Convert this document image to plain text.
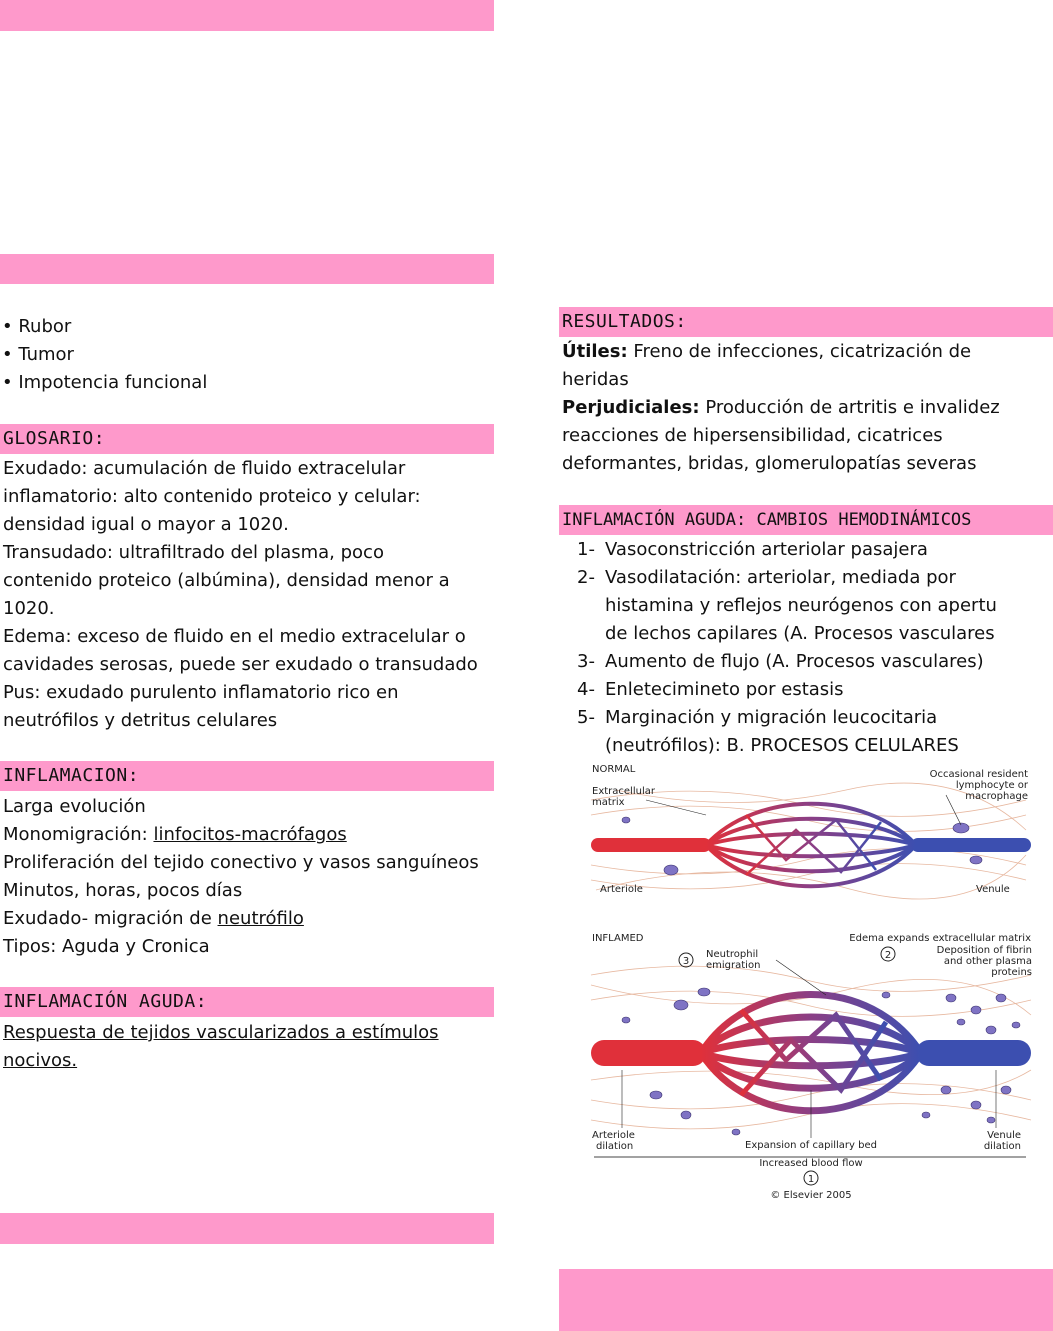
• Rubor
• Tumor
• Impotencia funcional
GLOSARIO:

Exudado: acumulación de fluido extracelular

inflamatorio: alto contenido proteico y celular:

densidad igual o mayor a 1020.

Transudado: ultrafiltrado del plasma, poco

contenido proteico (albúmina), densidad menor a

1020.

Edema: exceso de fluido en el medio extracelular o

cavidades serosas, puede ser exudado o transudado

Pus: exudado purulento inflamatorio rico en

neutrófilos y detritus celulares

INFLAMACION:

Larga evolución

Monomigración: linfocitos-macrófagos

Proliferación del tejido conectivo y vasos sanguíneos

Minutos, horas, pocos días

Exudado- migración de neutrófilo

Tipos: Aguda y Cronica

INFLAMACIÓN AGUDA:

Respuesta de tejidos vascularizados a estímulos

nocivos.

RESULTADOS:

Útiles: Freno de infecciones, cicatrización de

heridas

Perjudiciales: Producción de artritis e invalidez

reacciones de hipersensibilidad, cicatrices

deformantes, bridas, glomerulopatías severas

INFLAMACIÓN AGUDA: CAMBIOS HEMODINÁMICOS
1- Vasoconstricción arteriolar pasajera
2- Vasodilatación: arteriolar, mediada por
histamina y reflejos neurógenos con apertu
de lechos capilares (A. Procesos vasculares
3- Aumento de flujo (A. Procesos vasculares)
4- Enletecimineto por estasis
5- Marginación y migración leucocitaria
(neutrófilos): B. PROCESOS CELULARES
NORMAL
Extracellular
matrix
Occasional resident
lymphocyte or
macrophage
Arteriole	Venule
INFLAMED	Edema expands extracellular matrix
3
Neutrophil
emigration
2	Deposition of fibrin
and other plasma
proteins
Arteriole
dilation	Expansion of capillary bed
Venule
dilation
Increased blood flow
1
© Elsevier 2005
